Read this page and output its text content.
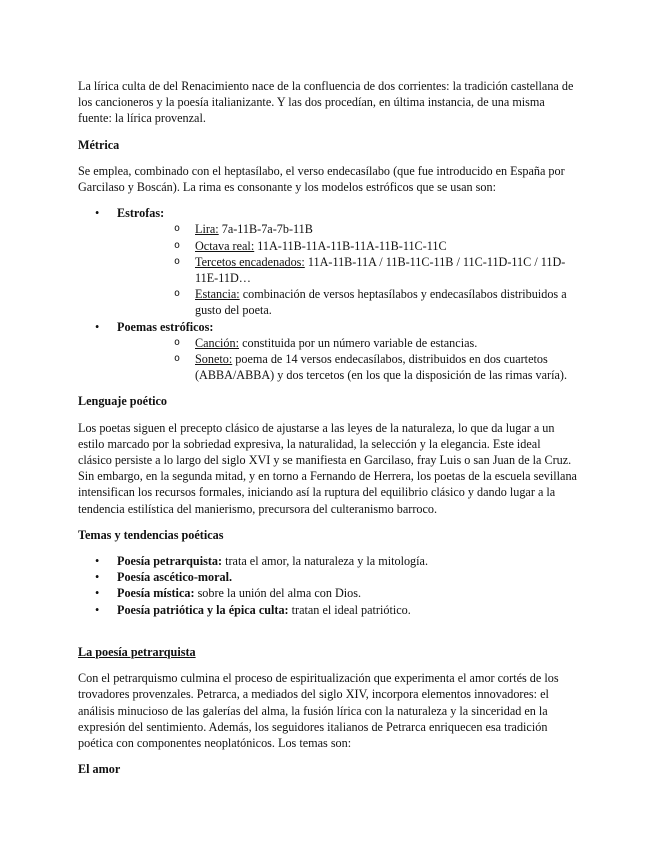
La lírica culta de del Renacimiento nace de la confluencia de dos corrientes: la tradición castellana de los cancioneros y la poesía italianizante. Y las dos procedían, en última instancia, de una misma fuente: la lírica provenzal.

Métrica

Se emplea, combinado con el heptasílabo, el verso endecasílabo (que fue introducido en España por Garcilaso y Boscán). La rima es consonante y los modelos estróficos que se usan son:

• Estrofas:
o Lira: 7a-11B-7a-7b-11B
o Octava real: 11A-11B-11A-11B-11A-11B-11C-11C
o Tercetos encadenados: 11A-11B-11A / 11B-11C-11B / 11C-11D-11C / 11D-11E-11D…
o Estancia: combinación de versos heptasílabos y endecasílabos distribuidos a gusto del poeta.
• Poemas estróficos:
o Canción: constituida por un número variable de estancias.
o Soneto: poema de 14 versos endecasílabos, distribuidos en dos cuartetos (ABBA/ABBA) y dos tercetos (en los que la disposición de las rimas varía).

Lenguaje poético

Los poetas siguen el precepto clásico de ajustarse a las leyes de la naturaleza, lo que da lugar a un estilo marcado por la sobriedad expresiva, la naturalidad, la selección y la elegancia. Este ideal clásico persiste a lo largo del siglo XVI y se manifiesta en Garcilaso, fray Luis o san Juan de la Cruz. Sin embargo, en la segunda mitad, y en torno a Fernando de Herrera, los poetas de la escuela sevillana intensifican los recursos formales, iniciando así la ruptura del equilibrio clásico y dando lugar a la tendencia estilística del manierismo, precursora del culteranismo barroco.

Temas y tendencias poéticas

• Poesía petrarquista: trata el amor, la naturaleza y la mitología.
• Poesía ascético-moral.
• Poesía mística: sobre la unión del alma con Dios.
• Poesía patriótica y la épica culta: tratan el ideal patriótico.

La poesía petrarquista

Con el petrarquismo culmina el proceso de espiritualización que experimenta el amor cortés de los trovadores provenzales. Petrarca, a mediados del siglo XIV, incorpora elementos innovadores: el análisis minucioso de las galerías del alma, la fusión lírica con la naturaleza y la sinceridad en la expresión del sentimiento. Además, los seguidores italianos de Petrarca enriquecen esa tradición poética con componentes neoplatónicos. Los temas son:

El amor
